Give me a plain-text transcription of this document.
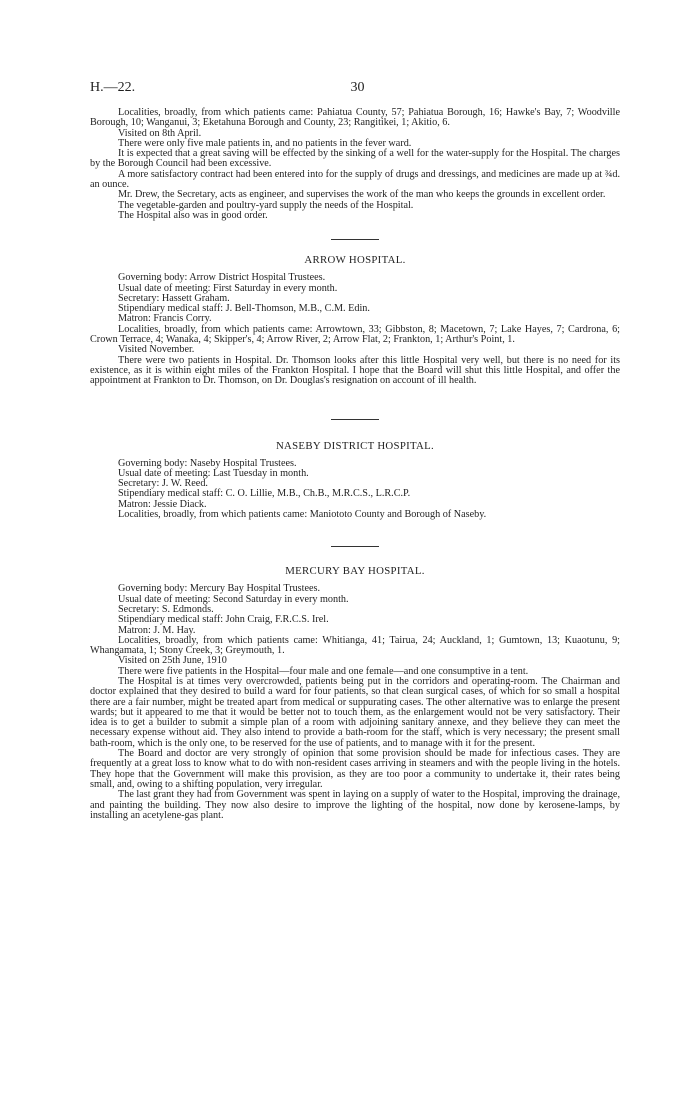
H.—22.	30

Localities, broadly, from which patients came: Pahiatua County, 57; Pahiatua Borough, 16; Hawke's Bay, 7; Woodville Borough, 10; Wanganui, 3; Eketahuna Borough and County, 23; Rangitikei, 1; Akitio, 6.

Visited on 8th April.

There were only five male patients in, and no patients in the fever ward.

It is expected that a great saving will be effected by the sinking of a well for the water-supply for the Hospital. The charges by the Borough Council had been excessive.

A more satisfactory contract had been entered into for the supply of drugs and dressings, and medicines are made up at ¾d. an ounce.

Mr. Drew, the Secretary, acts as engineer, and supervises the work of the man who keeps the grounds in excellent order.

The vegetable-garden and poultry-yard supply the needs of the Hospital.

The Hospital also was in good order.

ARROW HOSPITAL.

Governing body: Arrow District Hospital Trustees.

Usual date of meeting: First Saturday in every month.

Secretary: Hassett Graham.

Stipendiary medical staff: J. Bell-Thomson, M.B., C.M. Edin.

Matron: Francis Corry.

Localities, broadly, from which patients came: Arrowtown, 33; Gibbston, 8; Macetown, 7; Lake Hayes, 7; Cardrona, 6; Crown Terrace, 4; Wanaka, 4; Skipper's, 4; Arrow River, 2; Arrow Flat, 2; Frankton, 1; Arthur's Point, 1.

Visited November.

There were two patients in Hospital. Dr. Thomson looks after this little Hospital very well, but there is no need for its existence, as it is within eight miles of the Frankton Hospital. I hope that the Board will shut this little Hospital, and offer the appointment at Frankton to Dr. Thomson, on Dr. Douglas's resignation on account of ill health.

NASEBY DISTRICT HOSPITAL.

Governing body: Naseby Hospital Trustees.

Usual date of meeting: Last Tuesday in month.

Secretary: J. W. Reed.

Stipendiary medical staff: C. O. Lillie, M.B., Ch.B., M.R.C.S., L.R.C.P.

Matron: Jessie Diack.

Localities, broadly, from which patients came: Maniototo County and Borough of Naseby.

MERCURY BAY HOSPITAL.

Governing body: Mercury Bay Hospital Trustees.

Usual date of meeting: Second Saturday in every month.

Secretary: S. Edmonds.

Stipendiary medical staff: John Craig, F.R.C.S. Irel.

Matron: J. M. Hay.

Localities, broadly, from which patients came: Whitianga, 41; Tairua, 24; Auckland, 1; Gumtown, 13; Kuaotunu, 9; Whangamata, 1; Stony Creek, 3; Greymouth, 1.

Visited on 25th June, 1910

There were five patients in the Hospital—four male and one female—and one consumptive in a tent.

The Hospital is at times very overcrowded, patients being put in the corridors and operating-room. The Chairman and doctor explained that they desired to build a ward for four patients, so that clean surgical cases, of which for so small a hospital there are a fair number, might be treated apart from medical or suppurating cases. The other alternative was to enlarge the present wards; but it appeared to me that it would be better not to touch them, as the enlargement would not be very satisfactory. Their idea is to get a builder to submit a simple plan of a room with adjoining sanitary annexe, and they believe they can meet the necessary expense without aid. They also intend to provide a bath-room for the staff, which is very necessary; the present small bath-room, which is the only one, to be reserved for the use of patients, and to manage with it for the present.

The Board and doctor are very strongly of opinion that some provision should be made for infectious cases. They are frequently at a great loss to know what to do with non-resident cases arriving in steamers and with the people living in the hotels. They hope that the Government will make this provision, as they are too poor a community to undertake it, their rates being small, and, owing to a shifting population, very irregular.

The last grant they had from Government was spent in laying on a supply of water to the Hospital, improving the drainage, and painting the building. They now also desire to improve the lighting of the hospital, now done by kerosene-lamps, by installing an acetylene-gas plant.
